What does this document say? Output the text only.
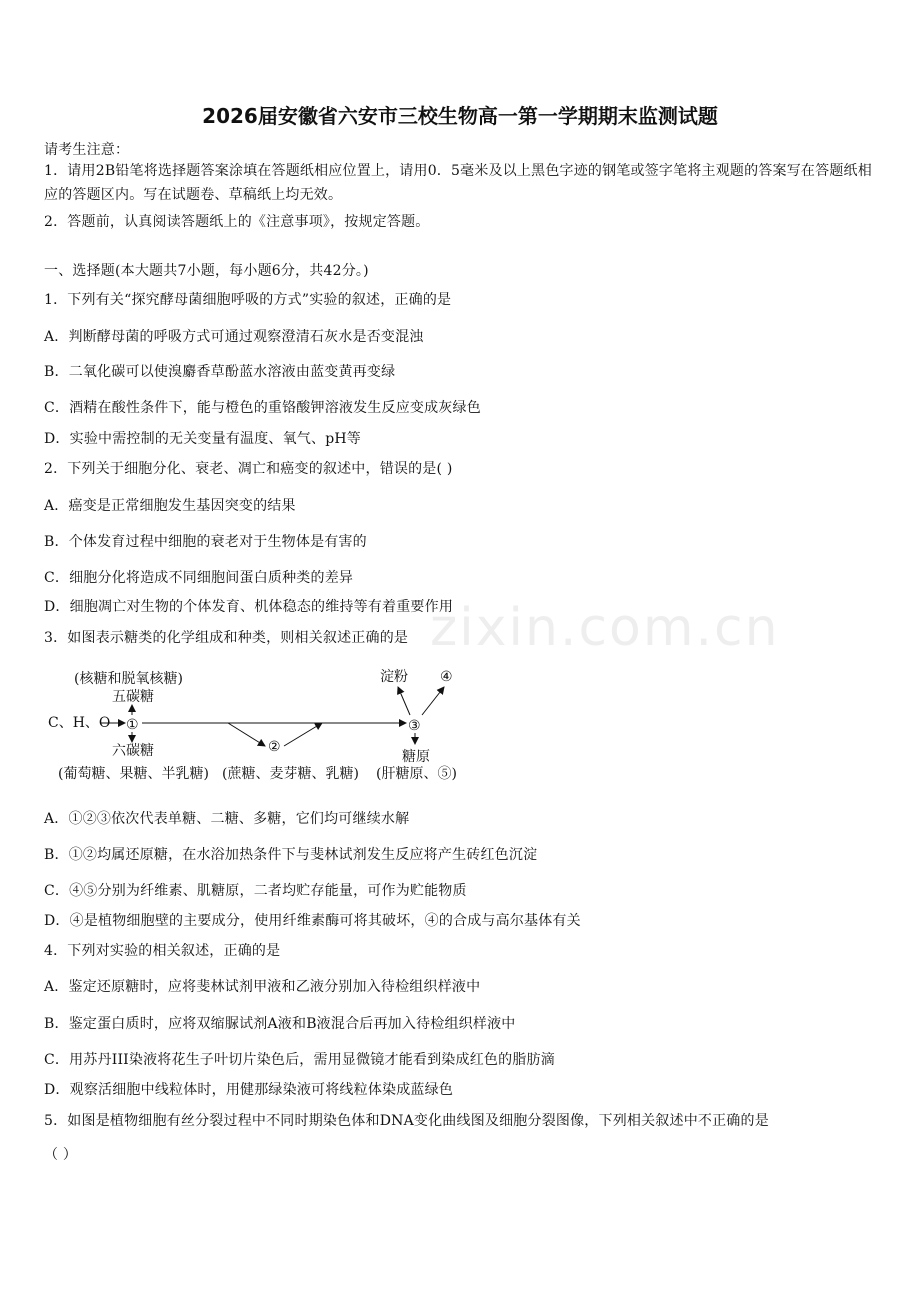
2026届安徽省六安市三校生物高一第一学期期末监测试题
请考生注意：
1．请用2B铅笔将选择题答案涂填在答题纸相应位置上，请用0．5毫米及以上黑色字迹的钢笔或签字笔将主观题的答案写在答题纸相应的答题区内。写在试题卷、草稿纸上均无效。
2．答题前，认真阅读答题纸上的《注意事项》，按规定答题。
一、选择题(本大题共7小题，每小题6分，共42分。)
1．下列有关“探究酵母菌细胞呼吸的方式”实验的叙述，正确的是
A．判断酵母菌的呼吸方式可通过观察澄清石灰水是否变混浊
B．二氧化碳可以使溴麝香草酚蓝水溶液由蓝变黄再变绿
C．酒精在酸性条件下，能与橙色的重铬酸钾溶液发生反应变成灰绿色
D．实验中需控制的无关变量有温度、氧气、pH等
2．下列关于细胞分化、衰老、凋亡和癌变的叙述中，错误的是( )
A．癌变是正常细胞发生基因突变的结果
B．个体发育过程中细胞的衰老对于生物体是有害的
C．细胞分化将造成不同细胞间蛋白质种类的差异
D．细胞凋亡对生物的个体发育、机体稳态的维持等有着重要作用
3．如图表示糖类的化学组成和种类，则相关叙述正确的是
(核糖和脱氧核糖)
五碳糖
C、H、O ①
六碳糖
(葡萄糖、果糖、半乳糖)
②
(蔗糖、麦芽糖、乳糖)
淀粉 ④
③
糖原
(肝糖原、⑤)
A．①②③依次代表单糖、二糖、多糖，它们均可继续水解
B．①②均属还原糖，在水浴加热条件下与斐林试剂发生反应将产生砖红色沉淀
C．④⑤分别为纤维素、肌糖原，二者均贮存能量，可作为贮能物质
D．④是植物细胞壁的主要成分，使用纤维素酶可将其破坏，④的合成与高尔基体有关
4．下列对实验的相关叙述，正确的是
A．鉴定还原糖时，应将斐林试剂甲液和乙液分别加入待检组织样液中
B．鉴定蛋白质时，应将双缩脲试剂A液和B液混合后再加入待检组织样液中
C．用苏丹III染液将花生子叶切片染色后，需用显微镜才能看到染成红色的脂肪滴
D．观察活细胞中线粒体时，用健那绿染液可将线粒体染成蓝绿色
5．如图是植物细胞有丝分裂过程中不同时期染色体和DNA变化曲线图及细胞分裂图像，下列相关叙述中不正确的是
（ ）
zixin.com.cn
